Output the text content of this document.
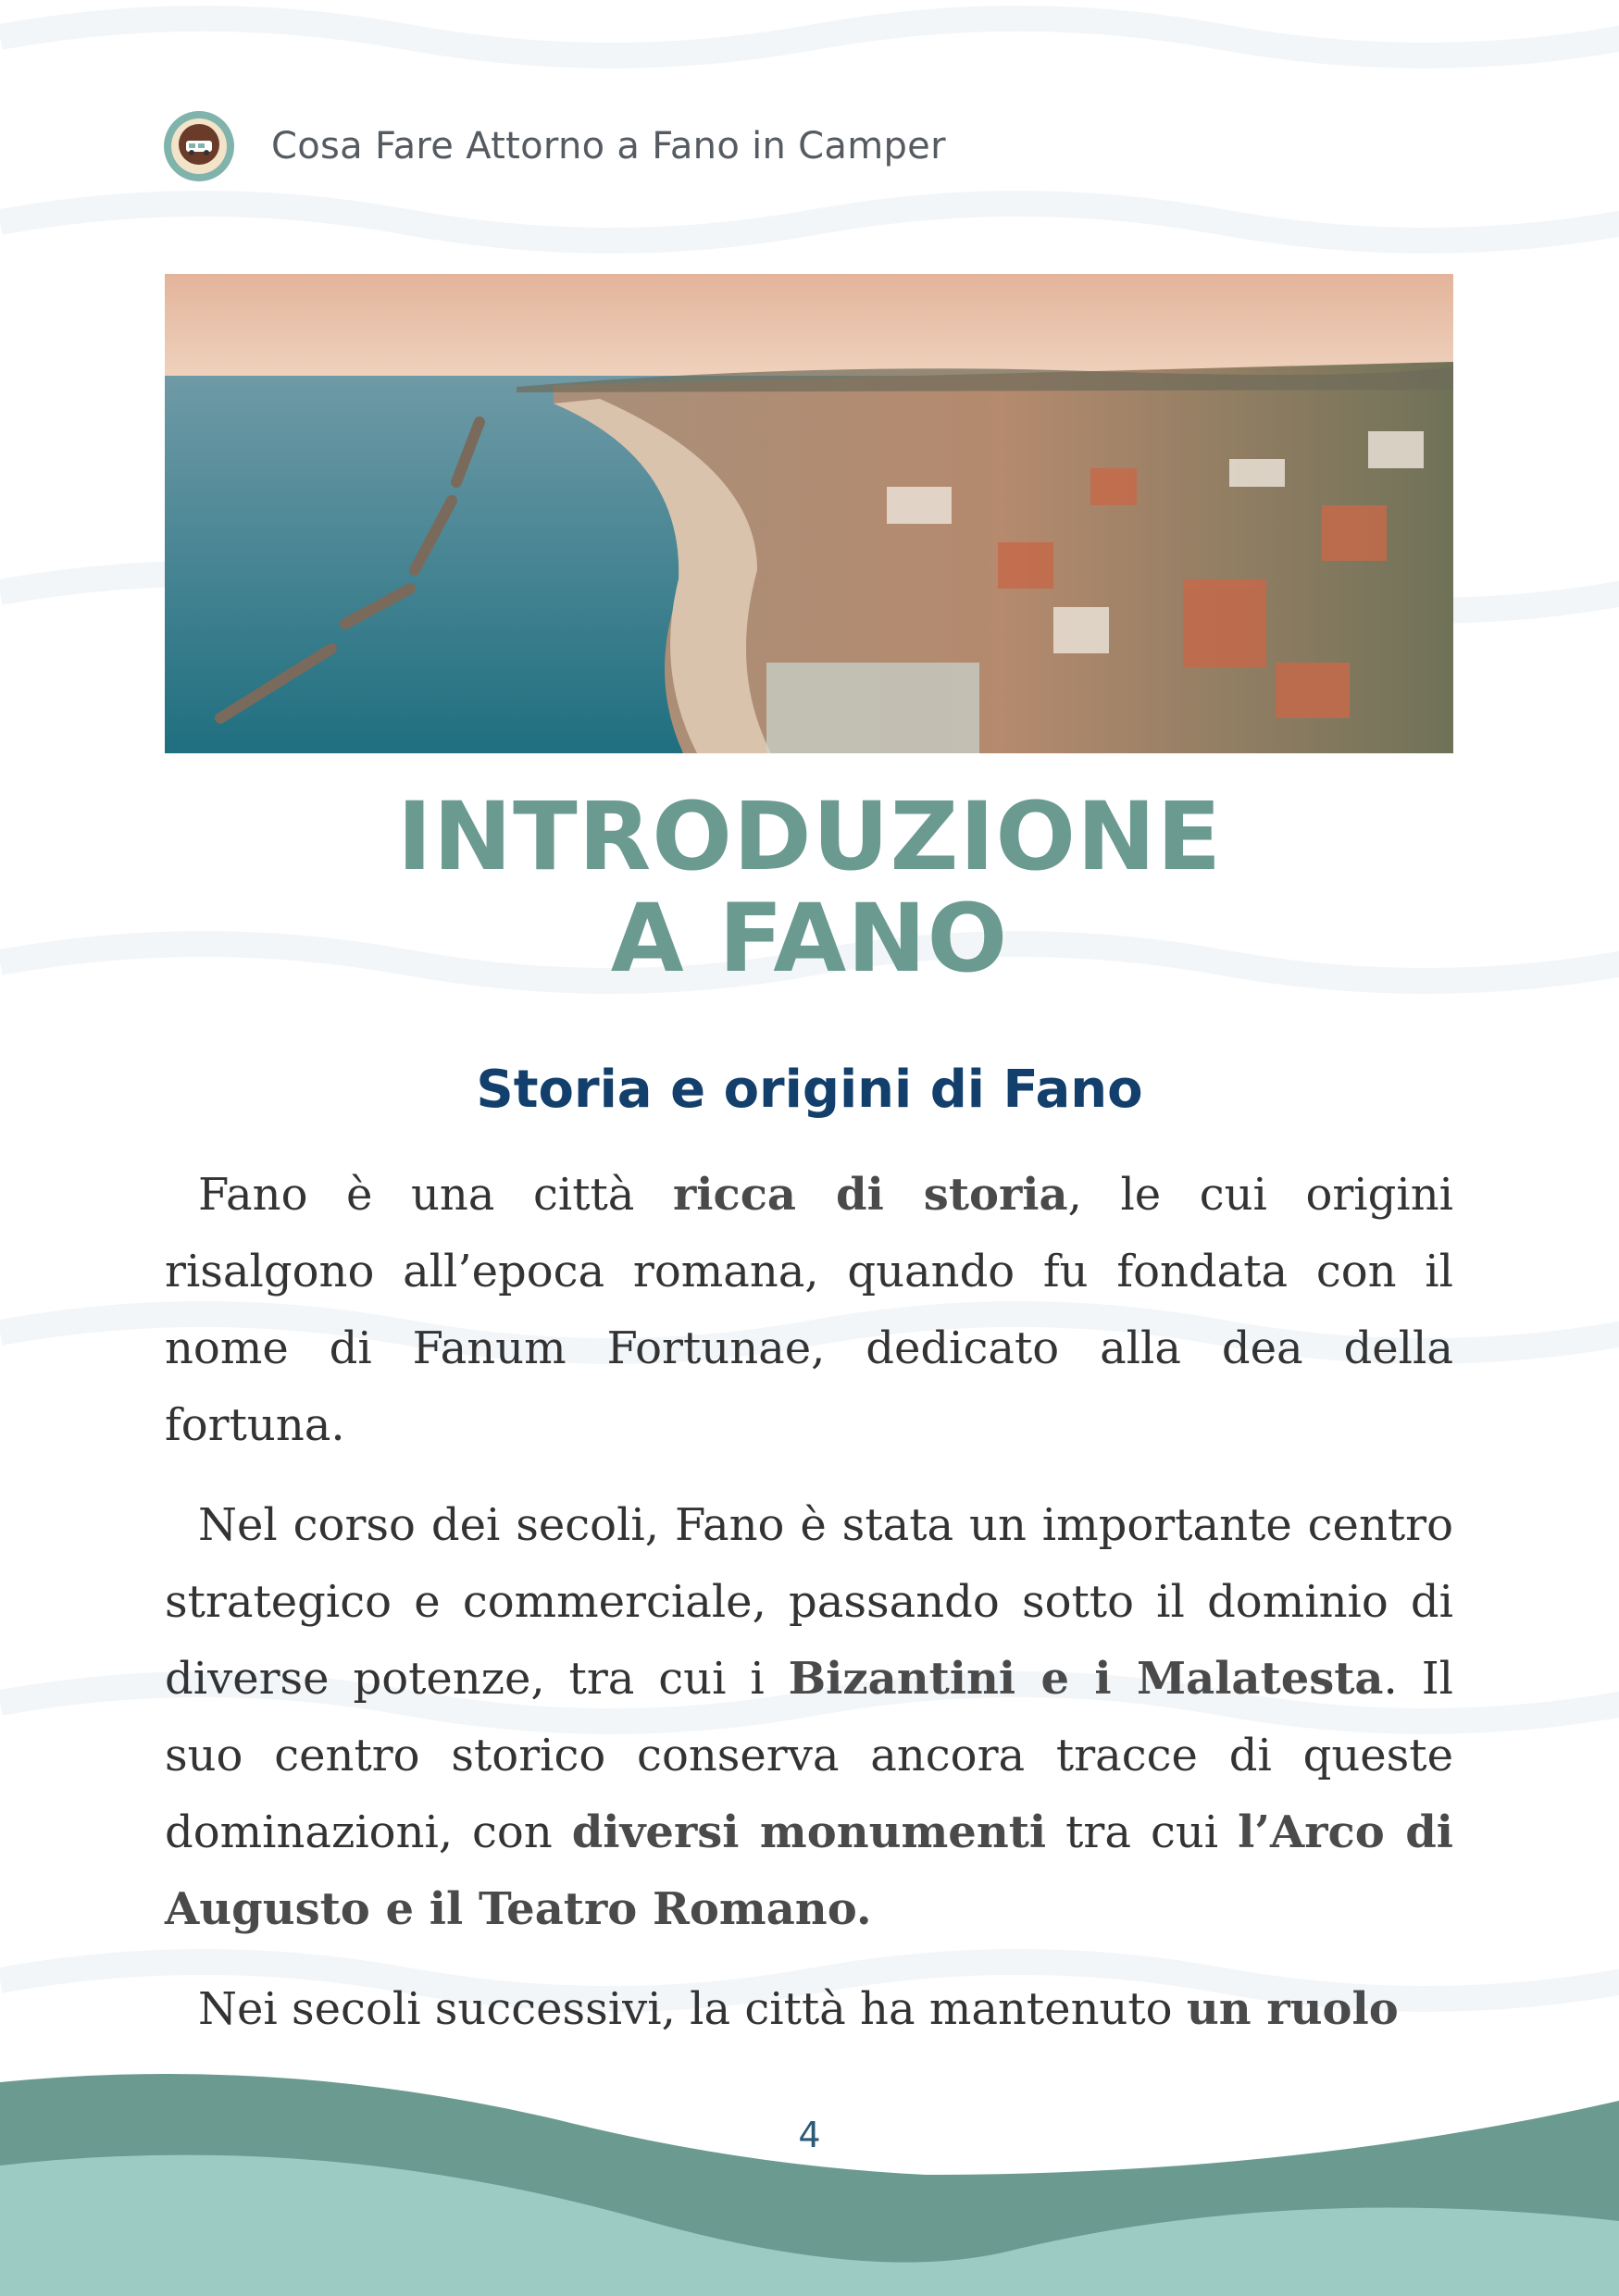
Cosa Fare Attorno a Fano in Camper
INTRODUZIONE
A FANO
Storia e origini di Fano

Fano è una città ricca di storia, le cui origini risalgono all’epoca romana, quando fu fondata con il nome di Fanum Fortunae, dedicato alla dea della fortuna.

Nel corso dei secoli, Fano è stata un importante centro strategico e commerciale, passando sotto il dominio di diverse potenze, tra cui i Bizantini e i Malatesta. Il suo centro storico conserva ancora tracce di queste dominazioni, con diversi monumenti tra cui l’Arco di Augusto e il Teatro Romano.

Nei secoli successivi, la città ha mantenuto un ruolo

4
